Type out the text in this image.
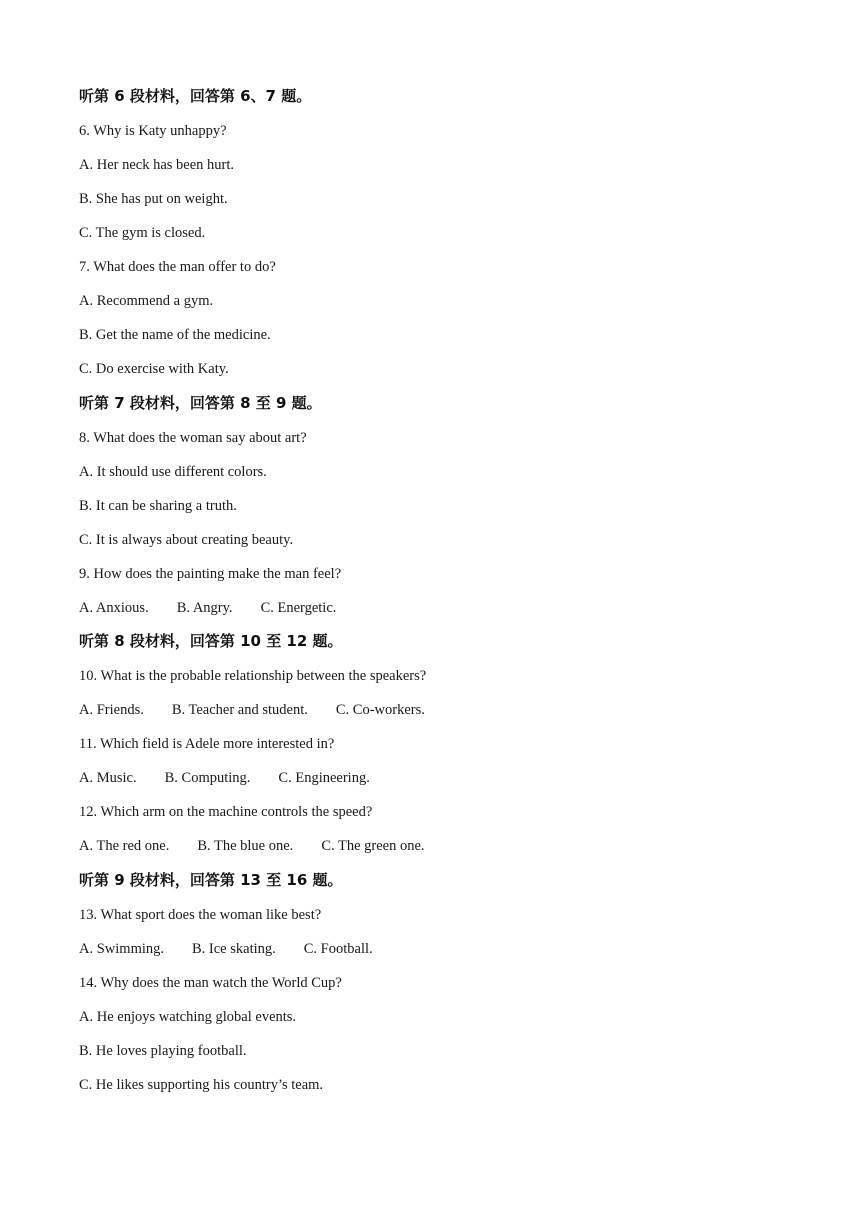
听第 6 段材料，回答第 6、7 题。
6. Why is Katy unhappy?
A. Her neck has been hurt.
B. She has put on weight.
C. The gym is closed.
7. What does the man offer to do?
A. Recommend a gym.
B. Get the name of the medicine.
C. Do exercise with Katy.
听第 7 段材料，回答第 8 至 9 题。
8. What does the woman say about art?
A. It should use different colors.
B. It can be sharing a truth.
C. It is always about creating beauty.
9. How does the painting make the man feel?
A. Anxious. B. Angry. C. Energetic.
听第 8 段材料，回答第 10 至 12 题。
10. What is the probable relationship between the speakers?
A. Friends. B. Teacher and student. C. Co-workers.
11. Which field is Adele more interested in?
A. Music. B. Computing. C. Engineering.
12. Which arm on the machine controls the speed?
A. The red one. B. The blue one. C. The green one.
听第 9 段材料，回答第 13 至 16 题。
13. What sport does the woman like best?
A. Swimming. B. Ice skating. C. Football.
14. Why does the man watch the World Cup?
A. He enjoys watching global events.
B. He loves playing football.
C. He likes supporting his country’s team.
